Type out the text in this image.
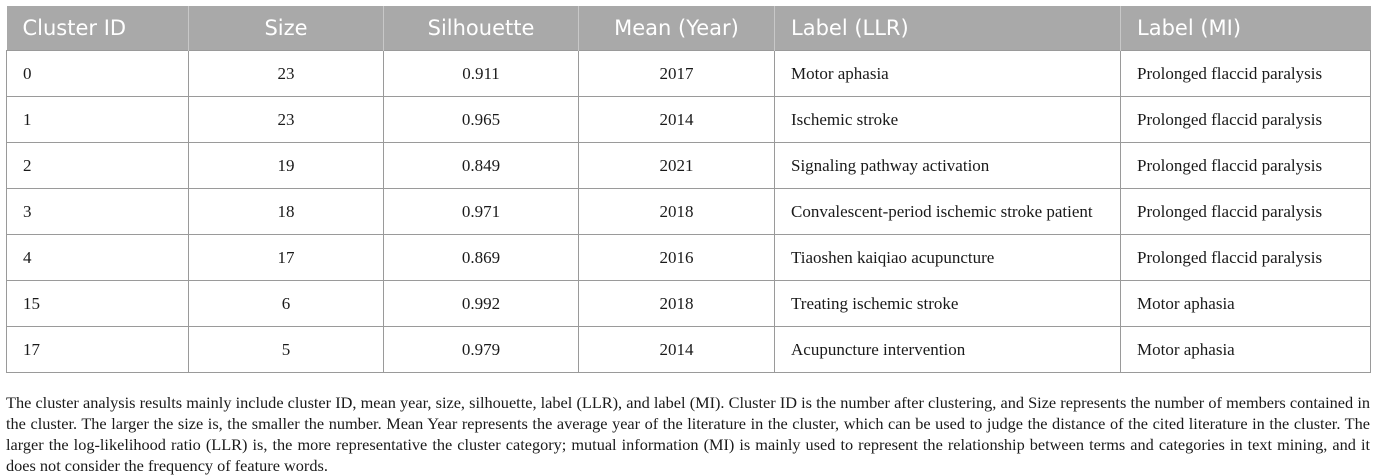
Cluster ID	Size	Silhouette	Mean (Year)	Label (LLR)	Label (MI)
0	23	0.911	2017	Motor aphasia	Prolonged flaccid paralysis
1	23	0.965	2014	Ischemic stroke	Prolonged flaccid paralysis
2	19	0.849	2021	Signaling pathway activation	Prolonged flaccid paralysis
3	18	0.971	2018	Convalescent-period ischemic stroke patient	Prolonged flaccid paralysis
4	17	0.869	2016	Tiaoshen kaiqiao acupuncture	Prolonged flaccid paralysis
15	6	0.992	2018	Treating ischemic stroke	Motor aphasia
17	5	0.979	2014	Acupuncture intervention	Motor aphasia

The cluster analysis results mainly include cluster ID, mean year, size, silhouette, label (LLR), and label (MI). Cluster ID is the number after clustering, and Size represents the number of members contained in the cluster. The larger the size is, the smaller the number. Mean Year represents the average year of the literature in the cluster, which can be used to judge the distance of the cited literature in the cluster. The larger the log-likelihood ratio (LLR) is, the more representative the cluster category; mutual information (MI) is mainly used to represent the relationship between terms and categories in text mining, and it does not consider the frequency of feature words.
